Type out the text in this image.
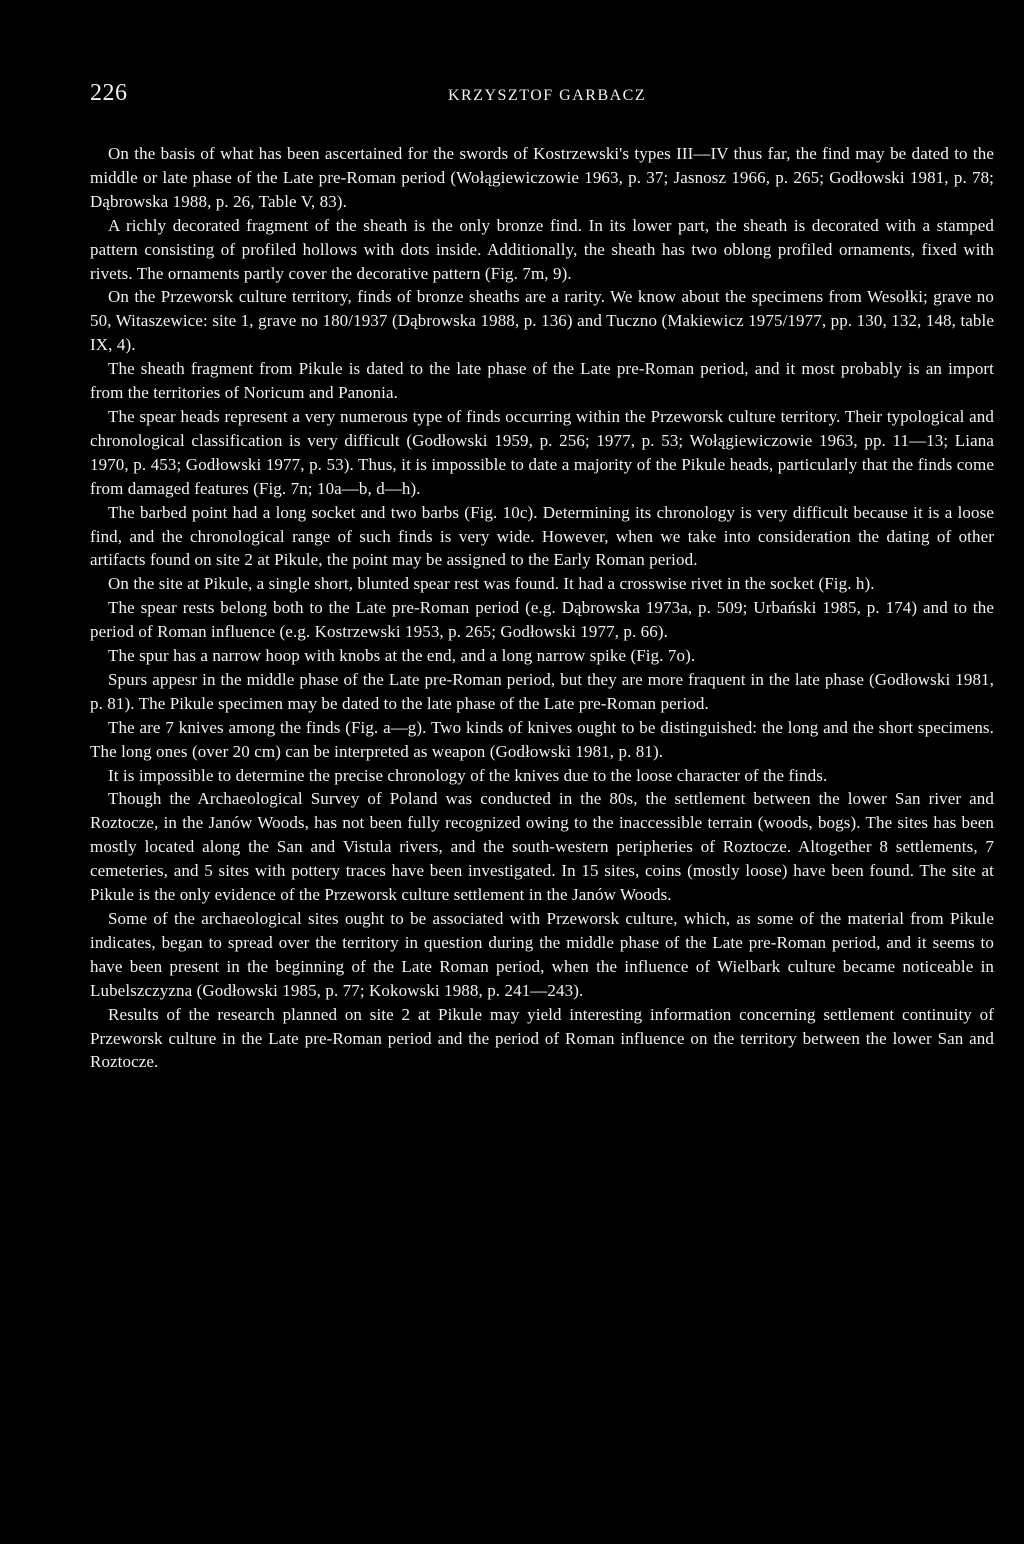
226	KRZYSZTOF GARBACZ

On the basis of what has been ascertained for the swords of Kostrzewski's types III—IV thus far, the find may be dated to the middle or late phase of the Late pre-Roman period (Wołągiewiczowie 1963, p. 37; Jasnosz 1966, p. 265; Godłowski 1981, p. 78; Dąbrowska 1988, p. 26, Table V, 83).

A richly decorated fragment of the sheath is the only bronze find. In its lower part, the sheath is decorated with a stamped pattern consisting of profiled hollows with dots inside. Additionally, the sheath has two oblong profiled ornaments, fixed with rivets. The ornaments partly cover the decorative pattern (Fig. 7m, 9).

On the Przeworsk culture territory, finds of bronze sheaths are a rarity. We know about the specimens from Wesołki; grave no 50, Witaszewice: site 1, grave no 180/1937 (Dąbrowska 1988, p. 136) and Tuczno (Makiewicz 1975/1977, pp. 130, 132, 148, table IX, 4).

The sheath fragment from Pikule is dated to the late phase of the Late pre-Roman period, and it most probably is an import from the territories of Noricum and Panonia.

The spear heads represent a very numerous type of finds occurring within the Przeworsk culture territory. Their typological and chronological classification is very difficult (Godłowski 1959, p. 256; 1977, p. 53; Wołągiewiczowie 1963, pp. 11—13; Liana 1970, p. 453; Godłowski 1977, p. 53). Thus, it is impossible to date a majority of the Pikule heads, particularly that the finds come from damaged features (Fig. 7n; 10a—b, d—h).

The barbed point had a long socket and two barbs (Fig. 10c). Determining its chronology is very difficult because it is a loose find, and the chronological range of such finds is very wide. However, when we take into consideration the dating of other artifacts found on site 2 at Pikule, the point may be assigned to the Early Roman period.

On the site at Pikule, a single short, blunted spear rest was found. It had a crosswise rivet in the socket (Fig. h).

The spear rests belong both to the Late pre-Roman period (e.g. Dąbrowska 1973a, p. 509; Urbański 1985, p. 174) and to the period of Roman influence (e.g. Kostrzewski 1953, p. 265; Godłowski 1977, p. 66).

The spur has a narrow hoop with knobs at the end, and a long narrow spike (Fig. 7o).

Spurs appesr in the middle phase of the Late pre-Roman period, but they are more fraquent in the late phase (Godłowski 1981, p. 81). The Pikule specimen may be dated to the late phase of the Late pre-Roman period.

The are 7 knives among the finds (Fig. a—g). Two kinds of knives ought to be distinguished: the long and the short specimens. The long ones (over 20 cm) can be interpreted as weapon (Godłowski 1981, p. 81).

It is impossible to determine the precise chronology of the knives due to the loose character of the finds.

Though the Archaeological Survey of Poland was conducted in the 80s, the settlement between the lower San river and Roztocze, in the Janów Woods, has not been fully recognized owing to the inaccessible terrain (woods, bogs). The sites has been mostly located along the San and Vistula rivers, and the south-western peripheries of Roztocze. Altogether 8 settlements, 7 cemeteries, and 5 sites with pottery traces have been investigated. In 15 sites, coins (mostly loose) have been found. The site at Pikule is the only evidence of the Przeworsk culture settlement in the Janów Woods.

Some of the archaeological sites ought to be associated with Przeworsk culture, which, as some of the material from Pikule indicates, began to spread over the territory in question during the middle phase of the Late pre-Roman period, and it seems to have been present in the beginning of the Late Roman period, when the influence of Wielbark culture became noticeable in Lubelszczyzna (Godłowski 1985, p. 77; Kokowski 1988, p. 241—243).

Results of the research planned on site 2 at Pikule may yield interesting information concerning settlement continuity of Przeworsk culture in the Late pre-Roman period and the period of Roman influence on the territory between the lower San and Roztocze.
